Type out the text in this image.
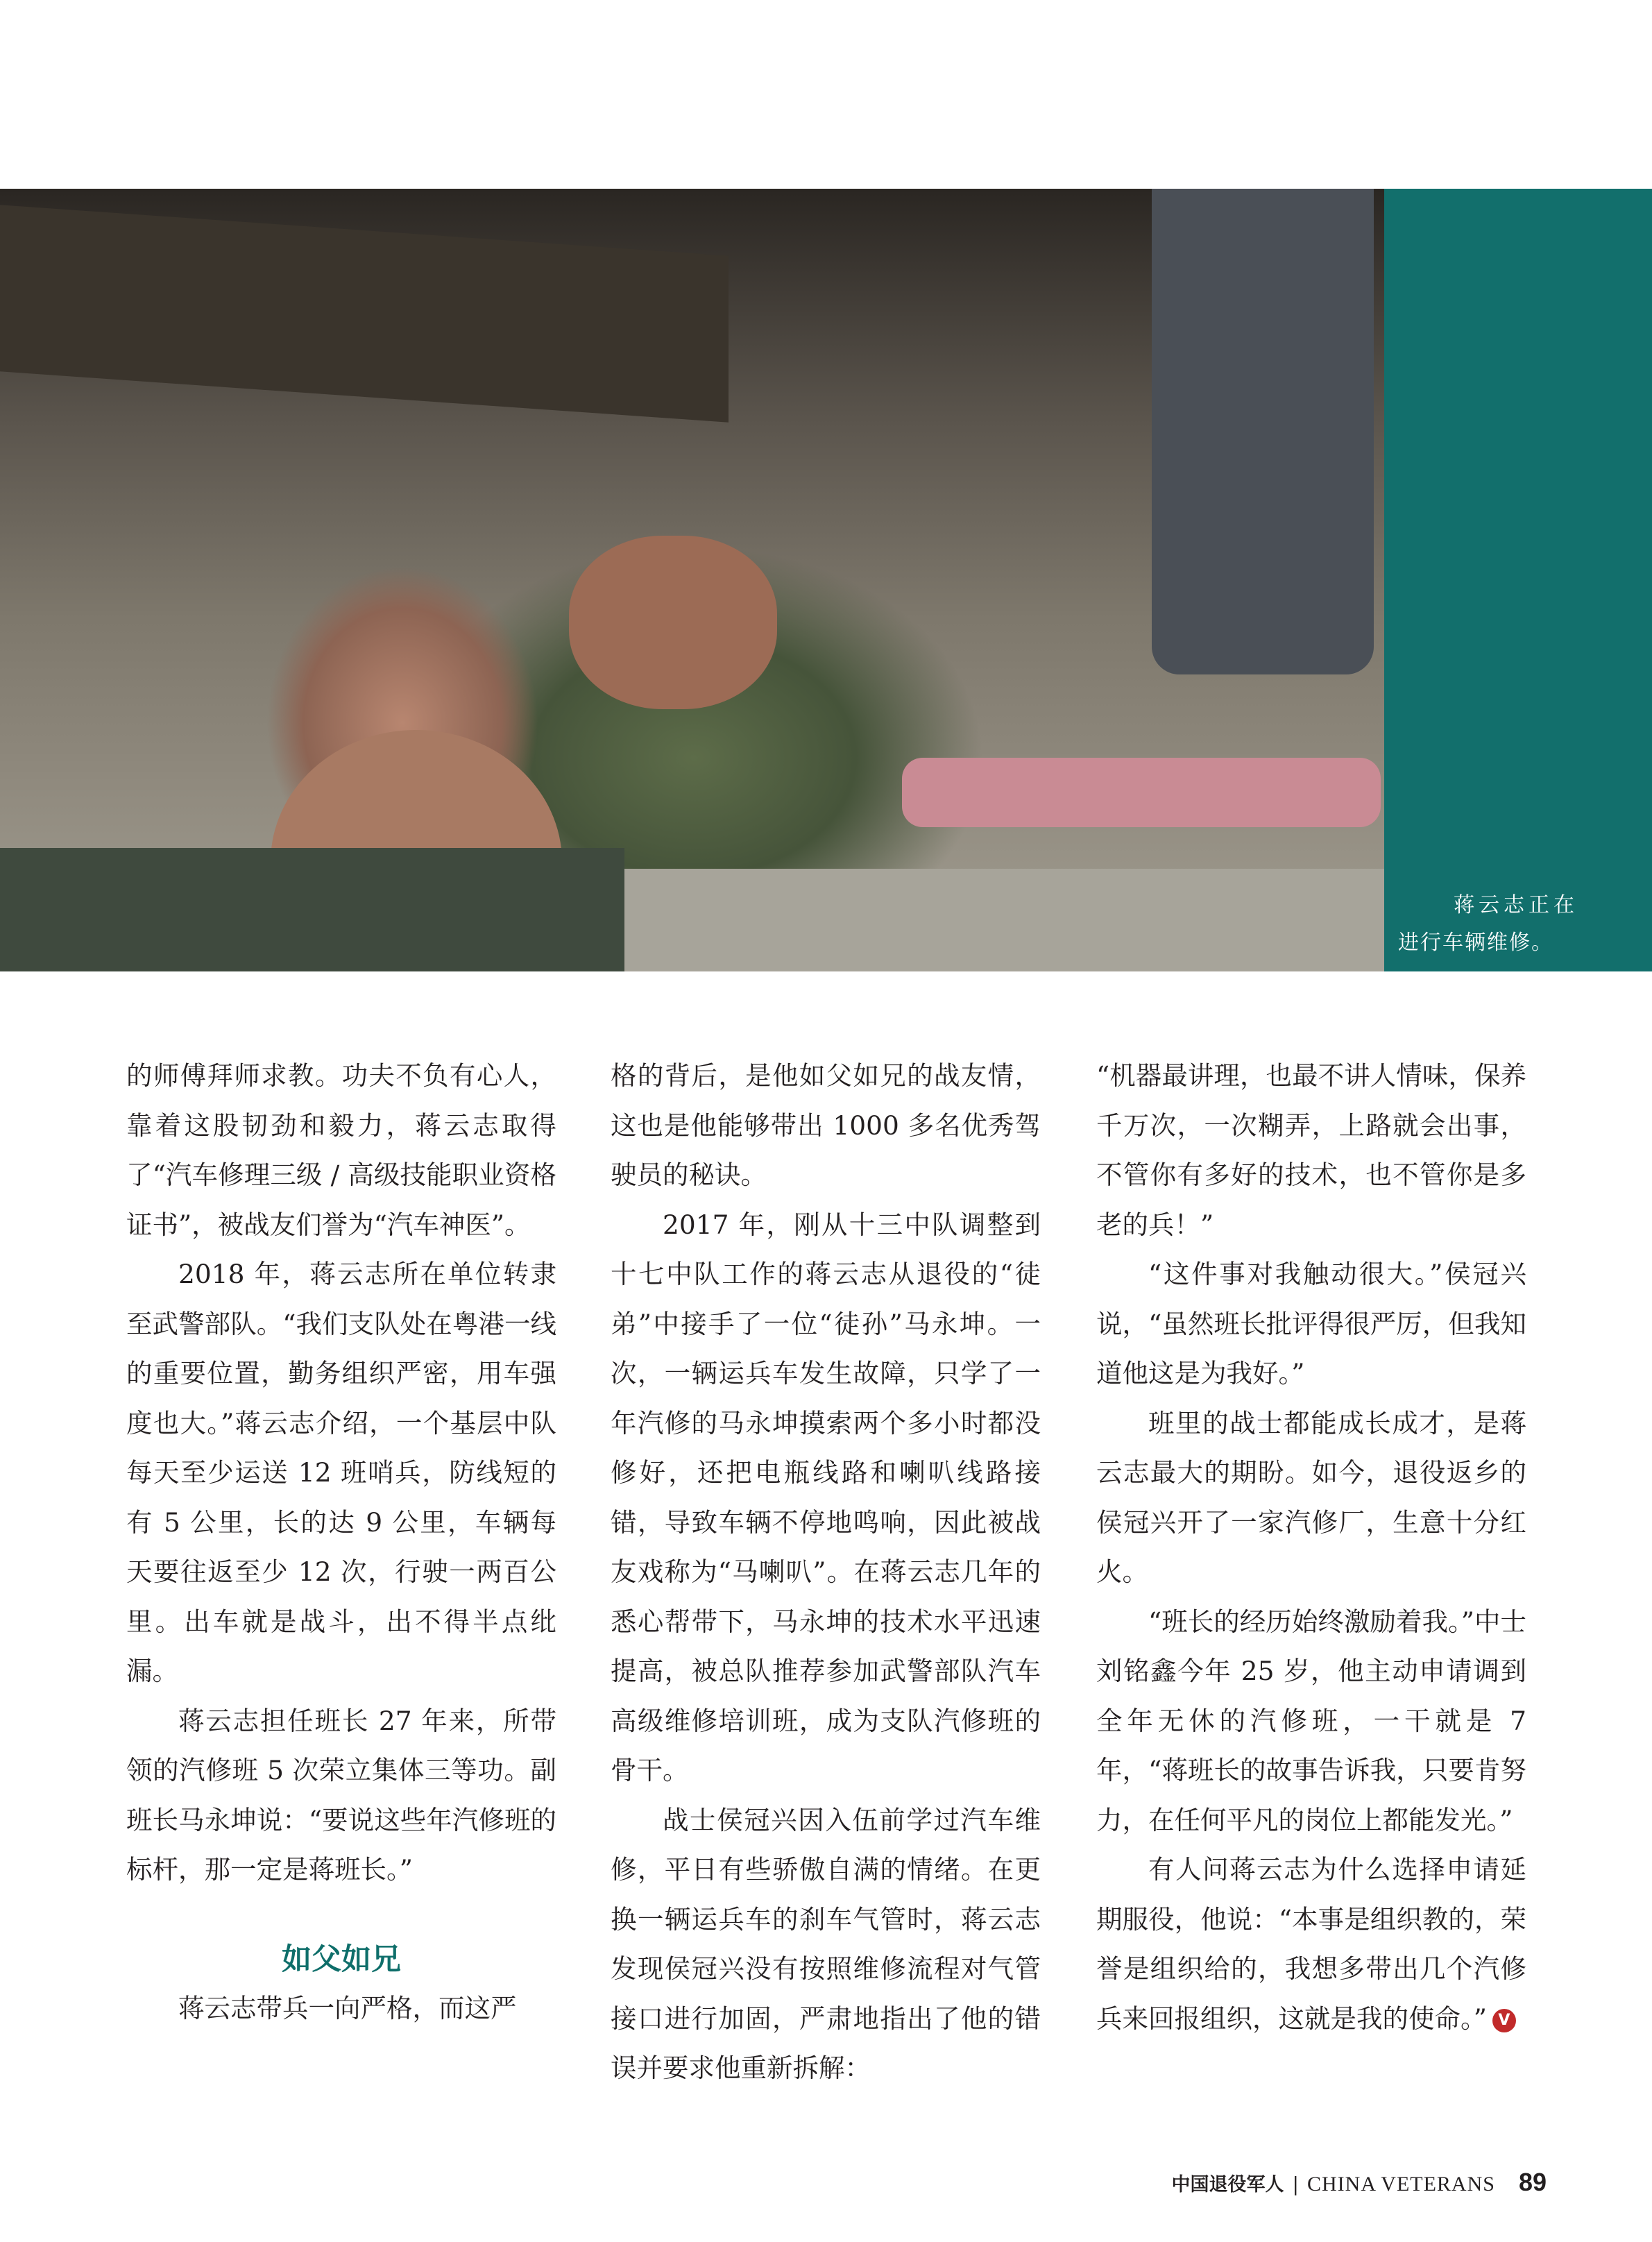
蒋云志正在
进行车辆维修。

的师傅拜师求教。功夫不负有心人，靠着这股韧劲和毅力，蒋云志取得了“汽车修理三级 / 高级技能职业资格证书”，被战友们誉为“汽车神医”。

2018 年，蒋云志所在单位转隶至武警部队。“我们支队处在粤港一线的重要位置，勤务组织严密，用车强度也大。”蒋云志介绍，一个基层中队每天至少运送 12 班哨兵，防线短的有 5 公里，长的达 9 公里，车辆每天要往返至少 12 次，行驶一两百公里。出车就是战斗，出不得半点纰漏。

蒋云志担任班长 27 年来，所带领的汽修班 5 次荣立集体三等功。副班长马永坤说：“要说这些年汽修班的标杆，那一定是蒋班长。”

如父如兄

蒋云志带兵一向严格，而这严

格的背后，是他如父如兄的战友情，这也是他能够带出 1000 多名优秀驾驶员的秘诀。

2017 年，刚从十三中队调整到十七中队工作的蒋云志从退役的“徒弟”中接手了一位“徒孙”马永坤。一次，一辆运兵车发生故障，只学了一年汽修的马永坤摸索两个多小时都没修好，还把电瓶线路和喇叭线路接错，导致车辆不停地鸣响，因此被战友戏称为“马喇叭”。在蒋云志几年的悉心帮带下，马永坤的技术水平迅速提高，被总队推荐参加武警部队汽车高级维修培训班，成为支队汽修班的骨干。

战士侯冠兴因入伍前学过汽车维修，平日有些骄傲自满的情绪。在更换一辆运兵车的刹车气管时，蒋云志发现侯冠兴没有按照维修流程对气管接口进行加固，严肃地指出了他的错误并要求他重新拆解：

“机器最讲理，也最不讲人情味，保养千万次，一次糊弄，上路就会出事，不管你有多好的技术，也不管你是多老的兵！”

“这件事对我触动很大。”侯冠兴说，“虽然班长批评得很严厉，但我知道他这是为我好。”

班里的战士都能成长成才，是蒋云志最大的期盼。如今，退役返乡的侯冠兴开了一家汽修厂，生意十分红火。

“班长的经历始终激励着我。”中士刘铭鑫今年 25 岁，他主动申请调到全年无休的汽修班，一干就是 7 年，“蒋班长的故事告诉我，只要肯努力，在任何平凡的岗位上都能发光。”

有人问蒋云志为什么选择申请延期服役，他说：“本事是组织教的，荣誉是组织给的，我想多带出几个汽修兵来回报组织，这就是我的使命。” V

中国退役军人 | CHINA VETERANS 89
